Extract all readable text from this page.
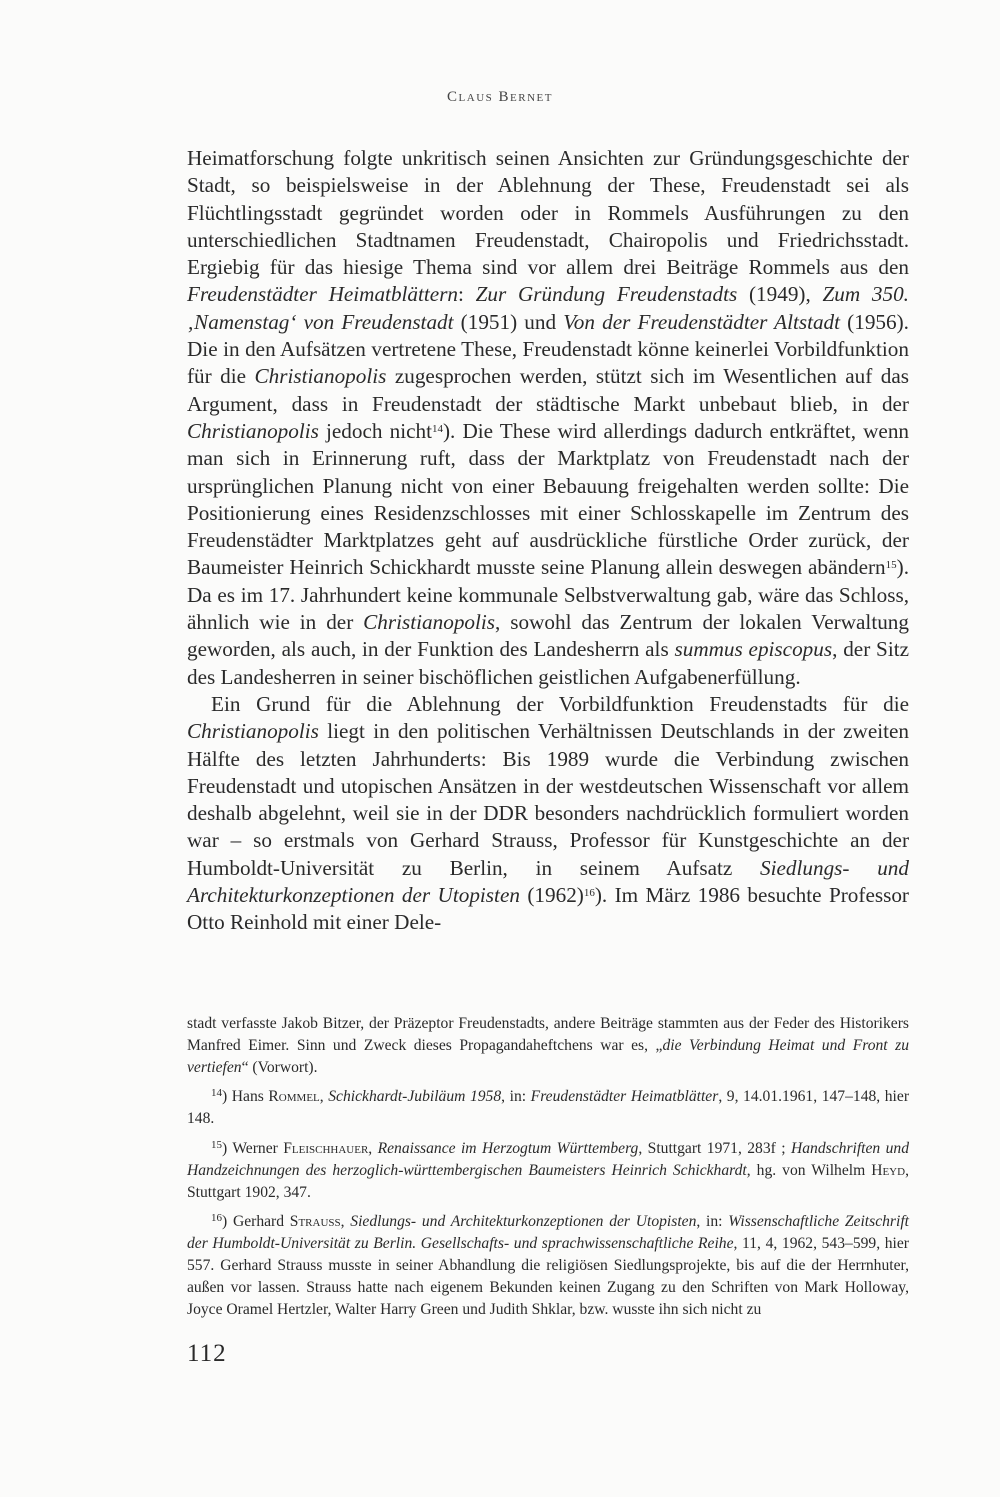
Claus Bernet

Heimatforschung folgte unkritisch seinen Ansichten zur Gründungsgeschichte der Stadt, so beispielsweise in der Ablehnung der These, Freudenstadt sei als Flüchtlingsstadt gegründet worden oder in Rommels Ausführungen zu den unterschiedlichen Stadtnamen Freudenstadt, Chairopolis und Friedrichsstadt. Ergiebig für das hiesige Thema sind vor allem drei Beiträge Rommels aus den Freudenstädter Heimatblättern: Zur Gründung Freudenstadts (1949), Zum 350. ‚Namenstag‘ von Freudenstadt (1951) und Von der Freudenstädter Altstadt (1956). Die in den Aufsätzen vertretene These, Freudenstadt könne keinerlei Vorbildfunktion für die Christianopolis zugesprochen werden, stützt sich im Wesentlichen auf das Argument, dass in Freudenstadt der städtische Markt unbebaut blieb, in der Christianopolis jedoch nicht$^{14}$). Die These wird allerdings dadurch entkräftet, wenn man sich in Erinnerung ruft, dass der Marktplatz von Freudenstadt nach der ursprünglichen Planung nicht von einer Bebauung freigehalten werden sollte: Die Positionierung eines Residenzschlosses mit einer Schlosskapelle im Zentrum des Freudenstädter Marktplatzes geht auf ausdrückliche fürstliche Order zurück, der Baumeister Heinrich Schickhardt musste seine Planung allein deswegen abändern$^{15}$). Da es im 17. Jahrhundert keine kommunale Selbstverwaltung gab, wäre das Schloss, ähnlich wie in der Christianopolis, sowohl das Zentrum der lokalen Verwaltung geworden, als auch, in der Funktion des Landesherrn als summus episcopus, der Sitz des Landesherren in seiner bischöflichen geistlichen Aufgabenerfüllung.

Ein Grund für die Ablehnung der Vorbildfunktion Freudenstadts für die Christianopolis liegt in den politischen Verhältnissen Deutschlands in der zweiten Hälfte des letzten Jahrhunderts: Bis 1989 wurde die Verbindung zwischen Freudenstadt und utopischen Ansätzen in der westdeutschen Wissenschaft vor allem deshalb abgelehnt, weil sie in der DDR besonders nachdrücklich formuliert worden war – so erstmals von Gerhard Strauss, Professor für Kunstgeschichte an der Humboldt-Universität zu Berlin, in seinem Aufsatz Siedlungs- und Architekturkonzeptionen der Utopisten (1962)$^{16}$). Im März 1986 besuchte Professor Otto Reinhold mit einer Dele-

stadt verfasste Jakob Bitzer, der Präzeptor Freudenstadts, andere Beiträge stammten aus der Feder des Historikers Manfred Eimer. Sinn und Zweck dieses Propagandaheftchens war es, „die Verbindung Heimat und Front zu vertiefen“ (Vorwort).

$^{14}$) Hans Rommel, Schickhardt-Jubiläum 1958, in: Freudenstädter Heimatblätter, 9, 14.01.1961, 147–148, hier 148.

$^{15}$) Werner Fleischhauer, Renaissance im Herzogtum Württemberg, Stuttgart 1971, 283f ; Handschriften und Handzeichnungen des herzoglich-württembergischen Baumeisters Heinrich Schickhardt, hg. von Wilhelm Heyd, Stuttgart 1902, 347.

$^{16}$) Gerhard Strauss, Siedlungs- und Architekturkonzeptionen der Utopisten, in: Wissenschaftliche Zeitschrift der Humboldt-Universität zu Berlin. Gesellschafts- und sprachwissenschaftliche Reihe, 11, 4, 1962, 543–599, hier 557. Gerhard Strauss musste in seiner Abhandlung die religiösen Siedlungsprojekte, bis auf die der Herrnhuter, außen vor lassen. Strauss hatte nach eigenem Bekunden keinen Zugang zu den Schriften von Mark Holloway, Joyce Oramel Hertzler, Walter Harry Green und Judith Shklar, bzw. wusste ihn sich nicht zu

112
